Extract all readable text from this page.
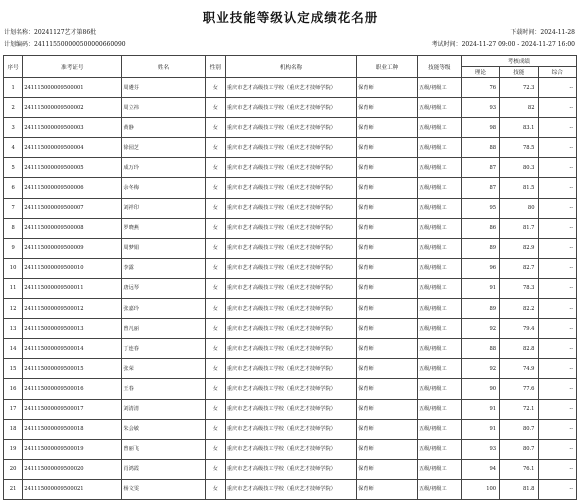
职业技能等级认定成绩花名册
计划名称：20241127艺才第86批	下载时间：2024-11-28
计划编码：241115500000500000660090	考试时间：2024-11-27 09:00 - 2024-11-27 16:00
序号	准考证号	姓名	性别	机构名称	职业工种	技能等级	考核成绩		
							理论	技能	综合
1	241115000009500001	周遴芬	女	重庆市艺才高级技工学校（重庆艺才技师学院）	保育师	五级/初级工	76	72.3	--
2	241115000009500002	周立祎	女	重庆市艺才高级技工学校（重庆艺才技师学院）	保育师	五级/初级工	93	82	--
3	241115000009500003	黄静	女	重庆市艺才高级技工学校（重庆艺才技师学院）	保育师	五级/初级工	98	83.1	--
4	241115000009500004	徐园芝	女	重庆市艺才高级技工学校（重庆艺才技师学院）	保育师	五级/初级工	88	78.5	--
5	241115000009500005	成万玲	女	重庆市艺才高级技工学校（重庆艺才技师学院）	保育师	五级/初级工	87	80.3	--
6	241115000009500006	余冬梅	女	重庆市艺才高级技工学校（重庆艺才技师学院）	保育师	五级/初级工	87	81.5	--
7	241115000009500007	刘祥印	女	重庆市艺才高级技工学校（重庆艺才技师学院）	保育师	五级/初级工	95	80	--
8	241115000009500008	罗晓燕	女	重庆市艺才高级技工学校（重庆艺才技师学院）	保育师	五级/初级工	86	81.7	--
9	241115000009500009	周梦娟	女	重庆市艺才高级技工学校（重庆艺才技师学院）	保育师	五级/初级工	89	82.9	--
10	241115000009500010	李露	女	重庆市艺才高级技工学校（重庆艺才技师学院）	保育师	五级/初级工	96	82.7	--
11	241115000009500011	唐远琴	女	重庆市艺才高级技工学校（重庆艺才技师学院）	保育师	五级/初级工	91	78.3	--
12	241115000009500012	张嘉玲	女	重庆市艺才高级技工学校（重庆艺才技师学院）	保育师	五级/初级工	89	82.2	--
13	241115000009500013	曾凡丽	女	重庆市艺才高级技工学校（重庆艺才技师学院）	保育师	五级/初级工	92	79.4	--
14	241115000009500014	丁连春	女	重庆市艺才高级技工学校（重庆艺才技师学院）	保育师	五级/初级工	88	82.8	--
15	241115000009500015	张荣	女	重庆市艺才高级技工学校（重庆艺才技师学院）	保育师	五级/初级工	92	74.9	--
16	241115000009500016	王春	女	重庆市艺才高级技工学校（重庆艺才技师学院）	保育师	五级/初级工	90	77.6	--
17	241115000009500017	刘清清	女	重庆市艺才高级技工学校（重庆艺才技师学院）	保育师	五级/初级工	91	72.1	--
18	241115000009500018	朱会敏	女	重庆市艺才高级技工学校（重庆艺才技师学院）	保育师	五级/初级工	91	80.7	--
19	241115000009500019	曾丽飞	女	重庆市艺才高级技工学校（重庆艺才技师学院）	保育师	五级/初级工	93	80.7	--
20	241115000009500020	肖鸿霞	女	重庆市艺才高级技工学校（重庆艺才技师学院）	保育师	五级/初级工	94	76.1	--
21	241115000009500021	杨文雯	女	重庆市艺才高级技工学校（重庆艺才技师学院）	保育师	五级/初级工	100	81.8	--
